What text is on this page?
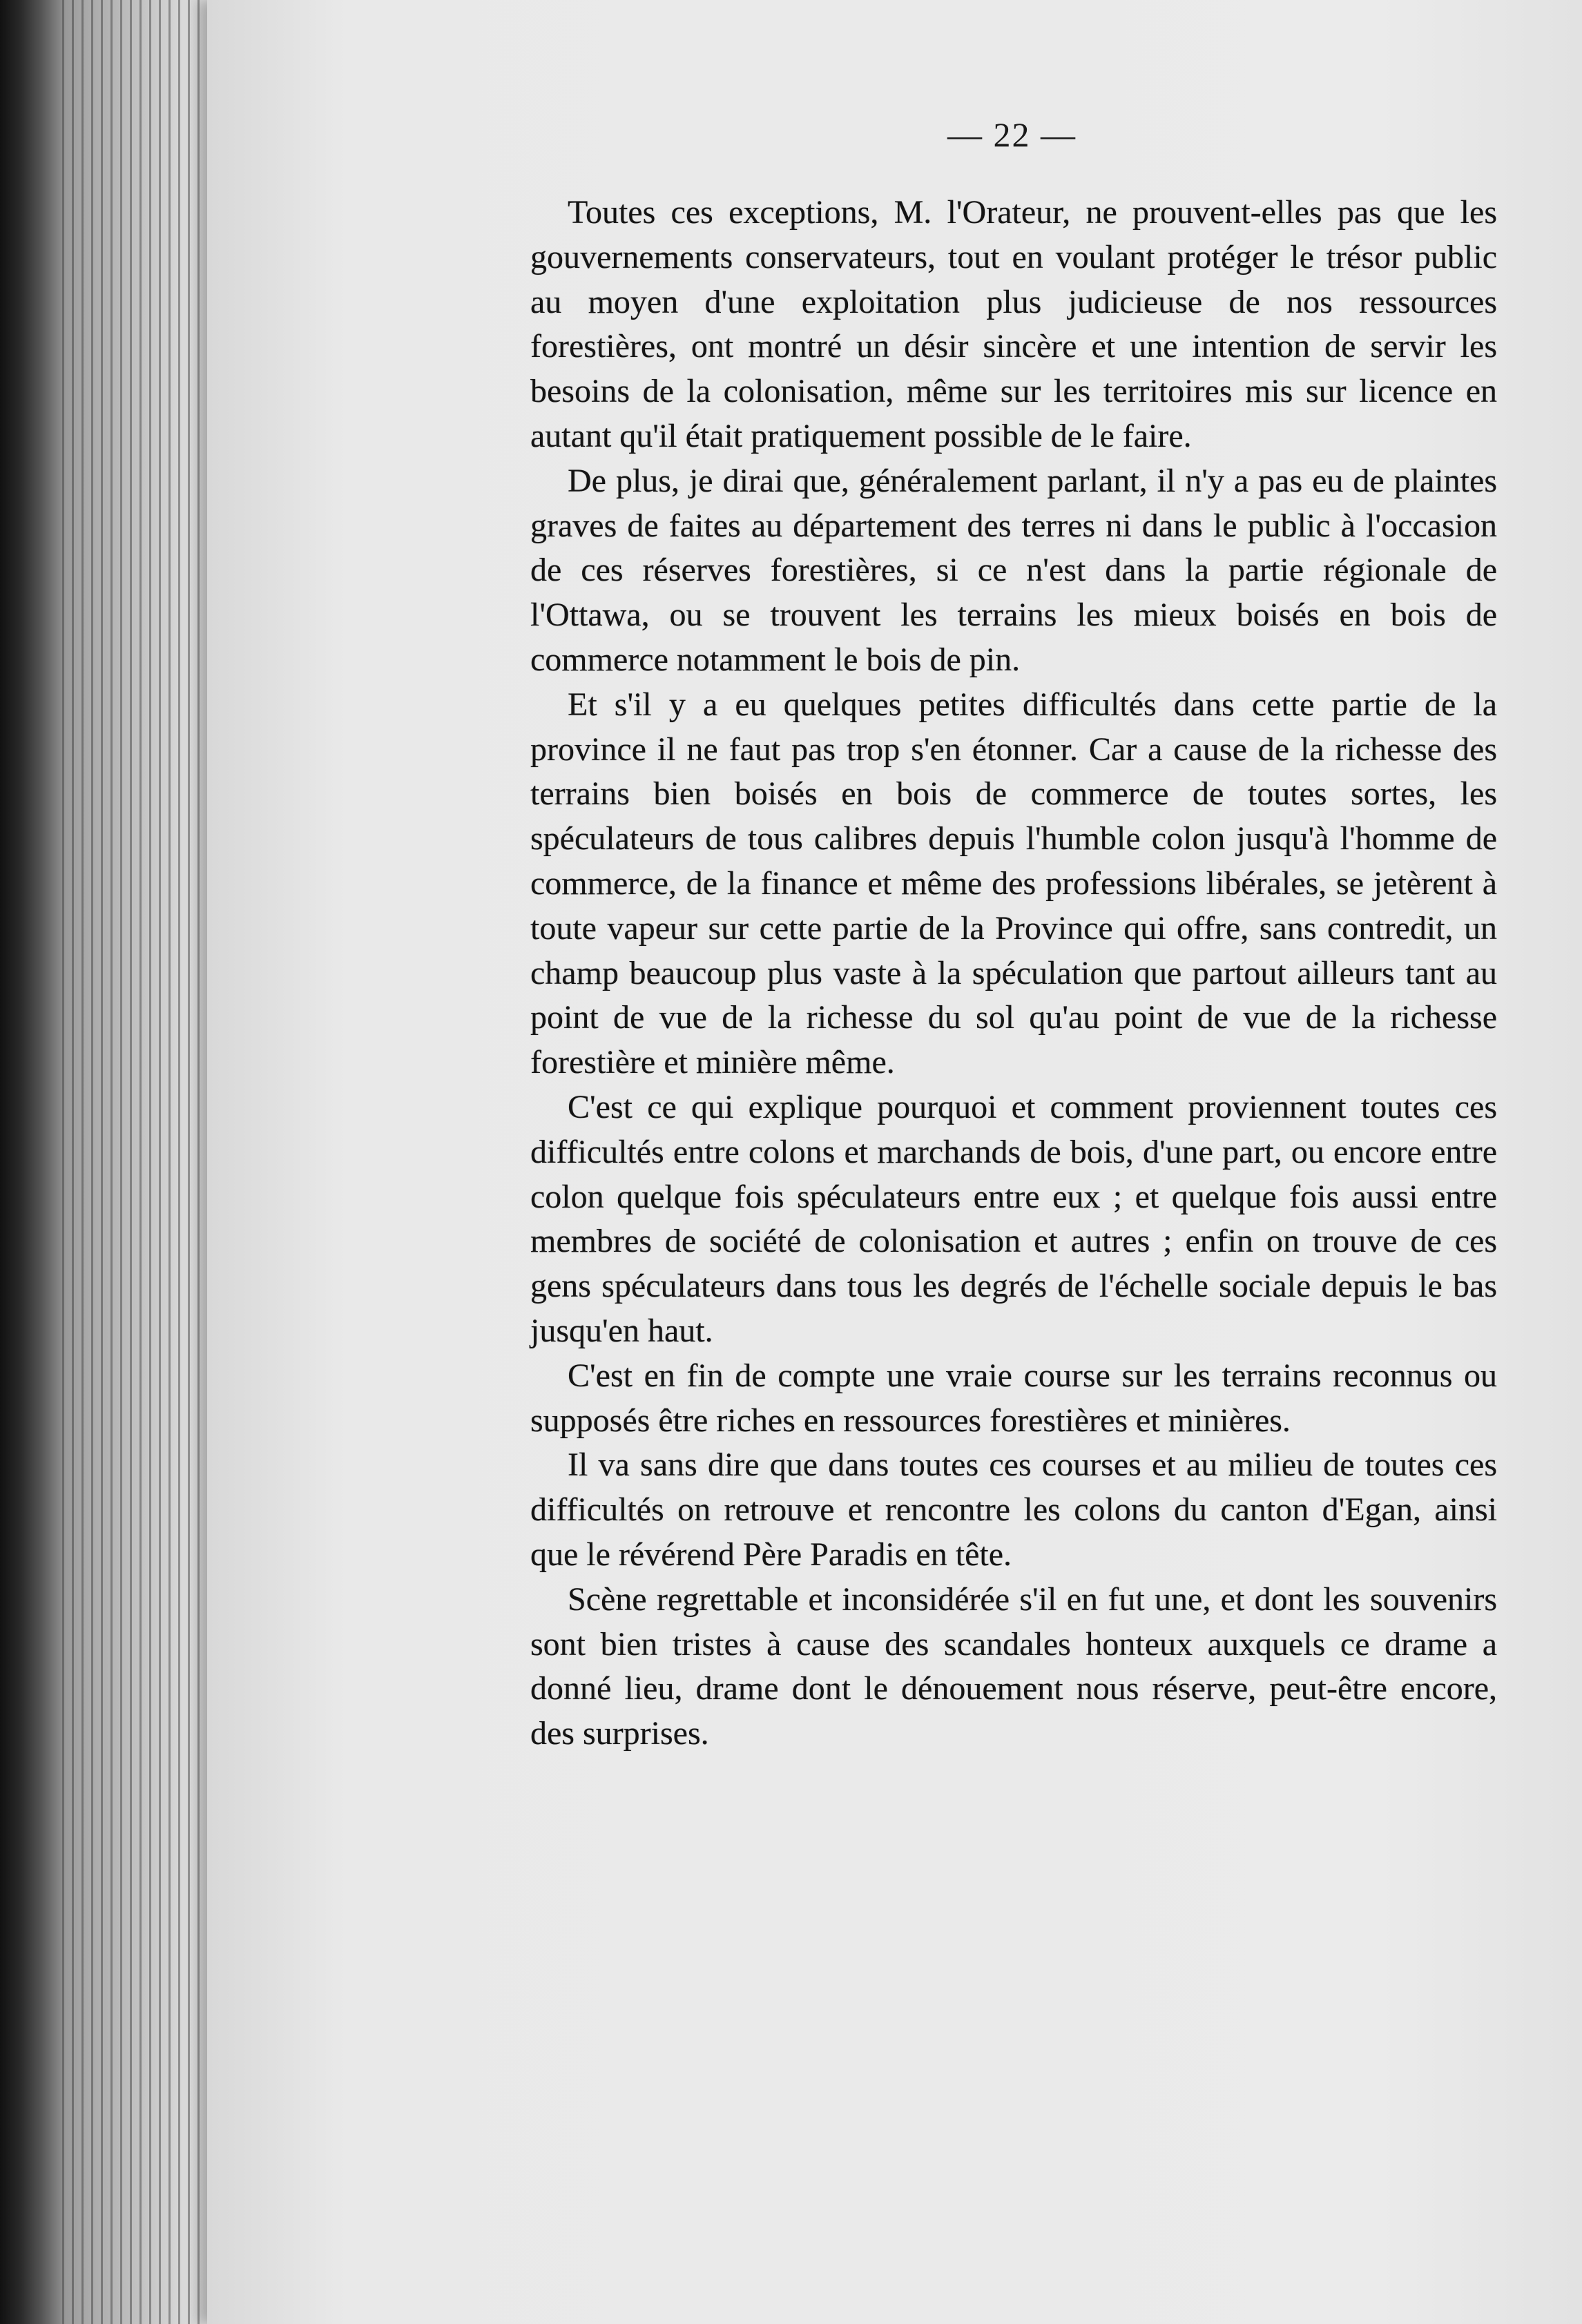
— 22 —

Toutes ces exceptions, M. l'Orateur, ne prouvent-elles pas que les gouvernements conservateurs, tout en voulant protéger le trésor public au moyen d'une exploitation plus judicieuse de nos ressources forestières, ont montré un désir sincère et une intention de servir les besoins de la colonisation, même sur les territoires mis sur licence en autant qu'il était pratiquement possible de le faire.

De plus, je dirai que, généralement parlant, il n'y a pas eu de plaintes graves de faites au département des terres ni dans le public à l'occasion de ces réserves forestières, si ce n'est dans la partie régionale de l'Ottawa, ou se trouvent les terrains les mieux boisés en bois de commerce notamment le bois de pin.

Et s'il y a eu quelques petites difficultés dans cette partie de la province il ne faut pas trop s'en étonner. Car a cause de la richesse des terrains bien boisés en bois de commerce de toutes sortes, les spéculateurs de tous calibres depuis l'humble colon jusqu'à l'homme de commerce, de la finance et même des professions libérales, se jetèrent à toute vapeur sur cette partie de la Province qui offre, sans contredit, un champ beaucoup plus vaste à la spéculation que partout ailleurs tant au point de vue de la richesse du sol qu'au point de vue de la richesse forestière et minière même.

C'est ce qui explique pourquoi et comment proviennent toutes ces difficultés entre colons et marchands de bois, d'une part, ou encore entre colon quelque fois spéculateurs entre eux ; et quelque fois aussi entre membres de société de colonisation et autres ; enfin on trouve de ces gens spéculateurs dans tous les degrés de l'échelle sociale depuis le bas jusqu'en haut.

C'est en fin de compte une vraie course sur les terrains reconnus ou supposés être riches en ressources forestières et minières.

Il va sans dire que dans toutes ces courses et au milieu de toutes ces difficultés on retrouve et rencontre les colons du canton d'Egan, ainsi que le révérend Père Paradis en tête.

Scène regrettable et inconsidérée s'il en fut une, et dont les souvenirs sont bien tristes à cause des scandales honteux auxquels ce drame a donné lieu, drame dont le dénouement nous réserve, peut-être encore, des surprises.
